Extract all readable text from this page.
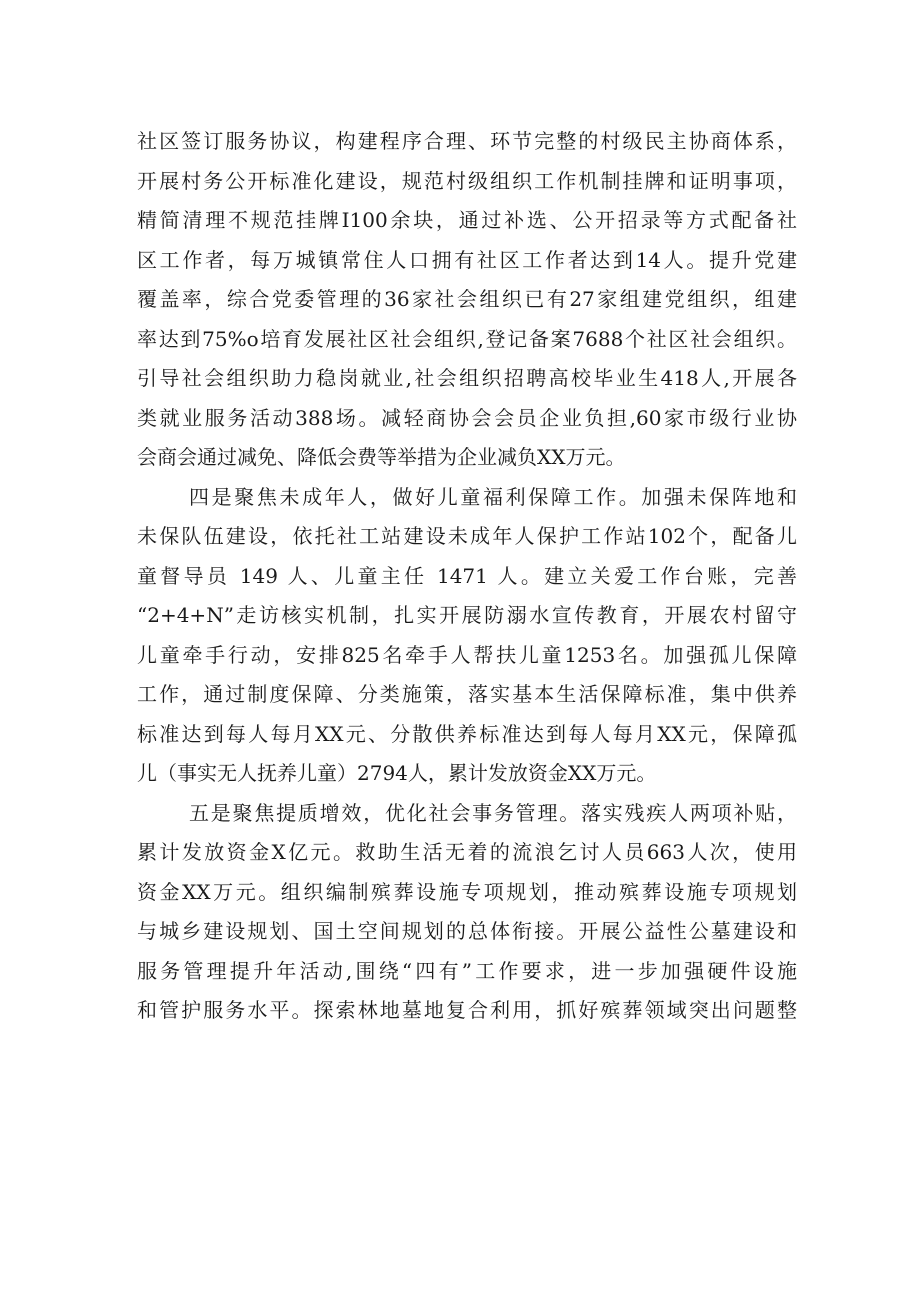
社区签订服务协议，构建程序合理、环节完整的村级民主协商体系，
开展村务公开标准化建设，规范村级组织工作机制挂牌和证明事项，
精简清理不规范挂牌I100余块，通过补选、公开招录等方式配备社
区工作者，每万城镇常住人口拥有社区工作者达到14人。提升党建
覆盖率，综合党委管理的36家社会组织已有27家组建党组织，组建
率达到75%o培育发展社区社会组织,登记备案7688个社区社会组织。
引导社会组织助力稳岗就业,社会组织招聘高校毕业生418人,开展各
类就业服务活动388场。减轻商协会会员企业负担,60家市级行业协
会商会通过减免、降低会费等举措为企业减负XX万元。
四是聚焦未成年人，做好儿童福利保障工作。加强未保阵地和
未保队伍建设，依托社工站建设未成年人保护工作站102个，配备儿
童督导员 149 人、儿童主任 1471 人。建立关爱工作台账，完善
“2+4+N”走访核实机制，扎实开展防溺水宣传教育，开展农村留守
儿童牵手行动，安排825名牵手人帮扶儿童1253名。加强孤儿保障
工作，通过制度保障、分类施策，落实基本生活保障标准，集中供养
标准达到每人每月XX元、分散供养标准达到每人每月XX元，保障孤
儿（事实无人抚养儿童）2794人，累计发放资金XX万元。
五是聚焦提质增效，优化社会事务管理。落实残疾人两项补贴，
累计发放资金X亿元。救助生活无着的流浪乞讨人员663人次，使用
资金XX万元。组织编制殡葬设施专项规划，推动殡葬设施专项规划
与城乡建设规划、国土空间规划的总体衔接。开展公益性公墓建设和
服务管理提升年活动,围绕“四有”工作要求，进一步加强硬件设施
和管护服务水平。探索林地墓地复合利用，抓好殡葬领域突出问题整
